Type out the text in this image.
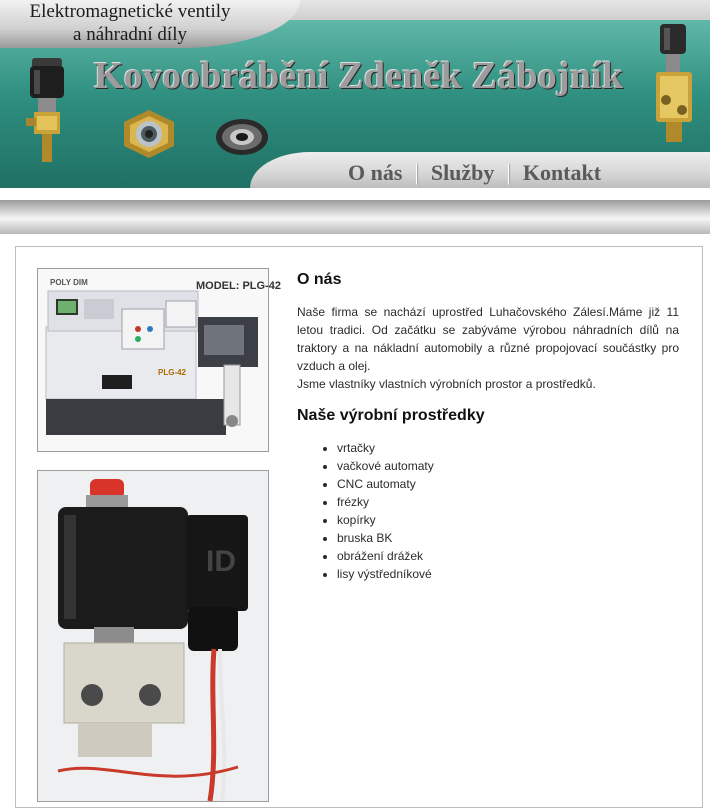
Elektromagnetické ventily
a náhradní díly
Kovoobrábění Zdeněk Zábojník
O nás | Služby | Kontakt
POLY DIM	MODEL: PLG-42
PLG-42
ID
O nás

Naše firma se nachází uprostřed Luhačovského Zálesí.Máme již 11 letou tradici. Od začátku se zabýváme výrobou náhradních dílů na traktory a na nákladní automobily a různé propojovací součástky pro vzduch a olej.

Jsme vlastníky vlastních výrobních prostor a prostředků.

Naše výrobní prostředky
• vrtačky
• vačkové automaty
• CNC automaty
• frézky
• kopírky
• bruska BK
• obrážení drážek
• lisy výstředníkové
